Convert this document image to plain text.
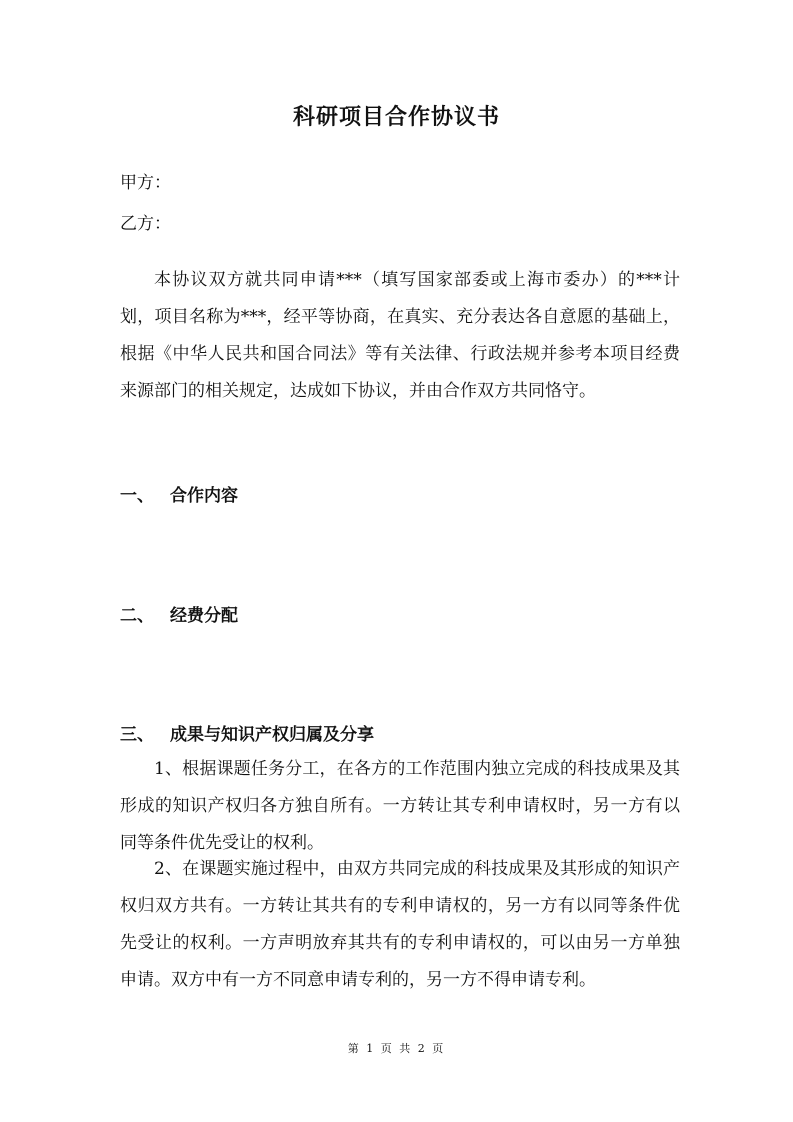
科研项目合作协议书
甲方：
乙方：
本协议双方就共同申请***（填写国家部委或上海市委办）的***计划，项目名称为***，经平等协商，在真实、充分表达各自意愿的基础上，根据《中华人民共和国合同法》等有关法律、行政法规并参考本项目经费来源部门的相关规定，达成如下协议，并由合作双方共同恪守。
一、 合作内容
二、 经费分配
三、 成果与知识产权归属及分享
1、根据课题任务分工，在各方的工作范围内独立完成的科技成果及其形成的知识产权归各方独自所有。一方转让其专利申请权时，另一方有以同等条件优先受让的权利。
2、在课题实施过程中，由双方共同完成的科技成果及其形成的知识产权归双方共有。一方转让其共有的专利申请权的，另一方有以同等条件优先受让的权利。一方声明放弃其共有的专利申请权的，可以由另一方单独申请。双方中有一方不同意申请专利的，另一方不得申请专利。
第 1 页 共 2 页
